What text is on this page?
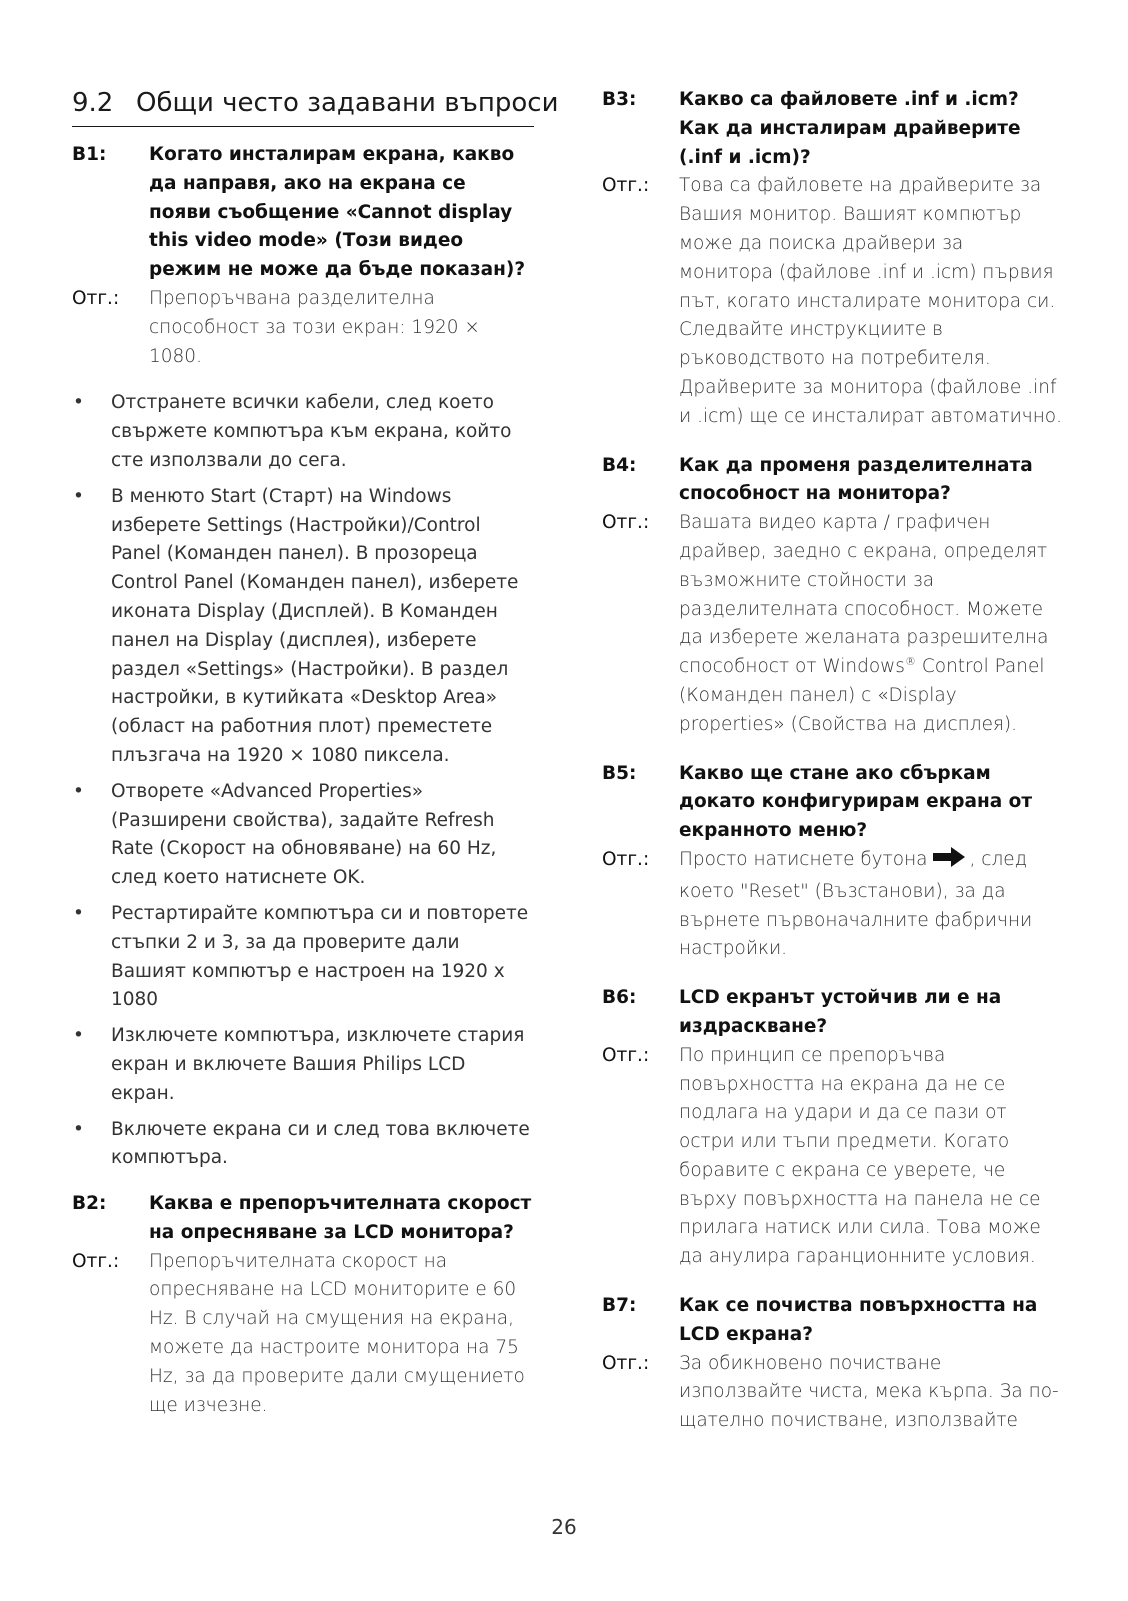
9.2 Общи често задавани въпроси
В1:	Когато инсталирам екрана, какво да направя, ако на екрана се появи съобщение «Cannot display this video mode» (Този видео режим не може да бъде показан)?
Отг.:	Препоръчвана разделителна способност за този екран: 1920 × 1080.
•	Отстранете всички кабели, след което свържете компютъра към екрана, който сте използвали до сега.
•	В менюто Start (Старт) на Windows изберете Settings (Настройки)/Control Panel (Команден панел). В прозореца Control Panel (Команден панел), изберете иконата Display (Дисплей). В Команден панел на Display (дисплея), изберете раздел «Settings» (Настройки). В раздел настройки, в кутийката «Desktop Area» (област на работния плот) преместете плъзгача на 1920 × 1080 пиксела.
•	Отворете «Advanced Properties» (Разширени свойства), задайте Refresh Rate (Скорост на обновяване) на 60 Hz, след което натиснете OK.
•	Рестартирайте компютъра си и повторете стъпки 2 и 3, за да проверите дали Вашият компютър е настроен на 1920 x 1080
•	Изключете компютъра, изключете стария екран и включете Вашия Philips LCD екран.
•	Включете екрана си и след това включете компютъра.
В2:	Каква е препоръчителната скорост на опресняване за LCD монитора?
Отг.:	Препоръчителната скорост на опресняване на LCD мониторите е 60 Hz. В случай на смущения на екрана, можете да настроите монитора на 75 Hz, за да проверите дали смущението ще изчезне.
В3:	Какво са файловете .inf и .icm? Как да инсталирам драйверите (.inf и .icm)?
Отг.:	Това са файловете на драйверите за Вашия монитор. Вашият компютър може да поиска драйвери за монитора (файлове .inf и .icm) първия път, когато инсталирате монитора си. Следвайте инструкциите в ръководството на потребителя. Драйверите за монитора (файлове .inf и .icm) ще се инсталират автоматично.
В4:	Как да променя разделителната способност на монитора?
Отг.:	Вашата видео карта / графичен драйвер, заедно с екрана, определят възможните стойности за разделителната способност. Можете да изберете желаната разрешителна способност от Windows® Control Panel (Команден панел) с «Display properties» (Свойства на дисплея).
В5:	Какво ще стане ако сбъркам докато конфигурирам екрана от екранното меню?
Отг.:	Просто натиснете бутона , след което "Reset" (Възстанови), за да върнете първоначалните фабрични настройки.
В6:	LCD екранът устойчив ли е на издраскване?
Отг.:	По принцип се препоръчва повърхността на екрана да не се подлага на удари и да се пази от остри или тъпи предмети. Когато боравите с екрана се уверете, че върху повърхността на панела не се прилага натиск или сила. Това може да анулира гаранционните условия.
В7:	Как се почиства повърхността на LCD екрана?
Отг.:	За обикновено почистване използвайте чиста, мека кърпа. За по-щателно почистване, използвайте
26
